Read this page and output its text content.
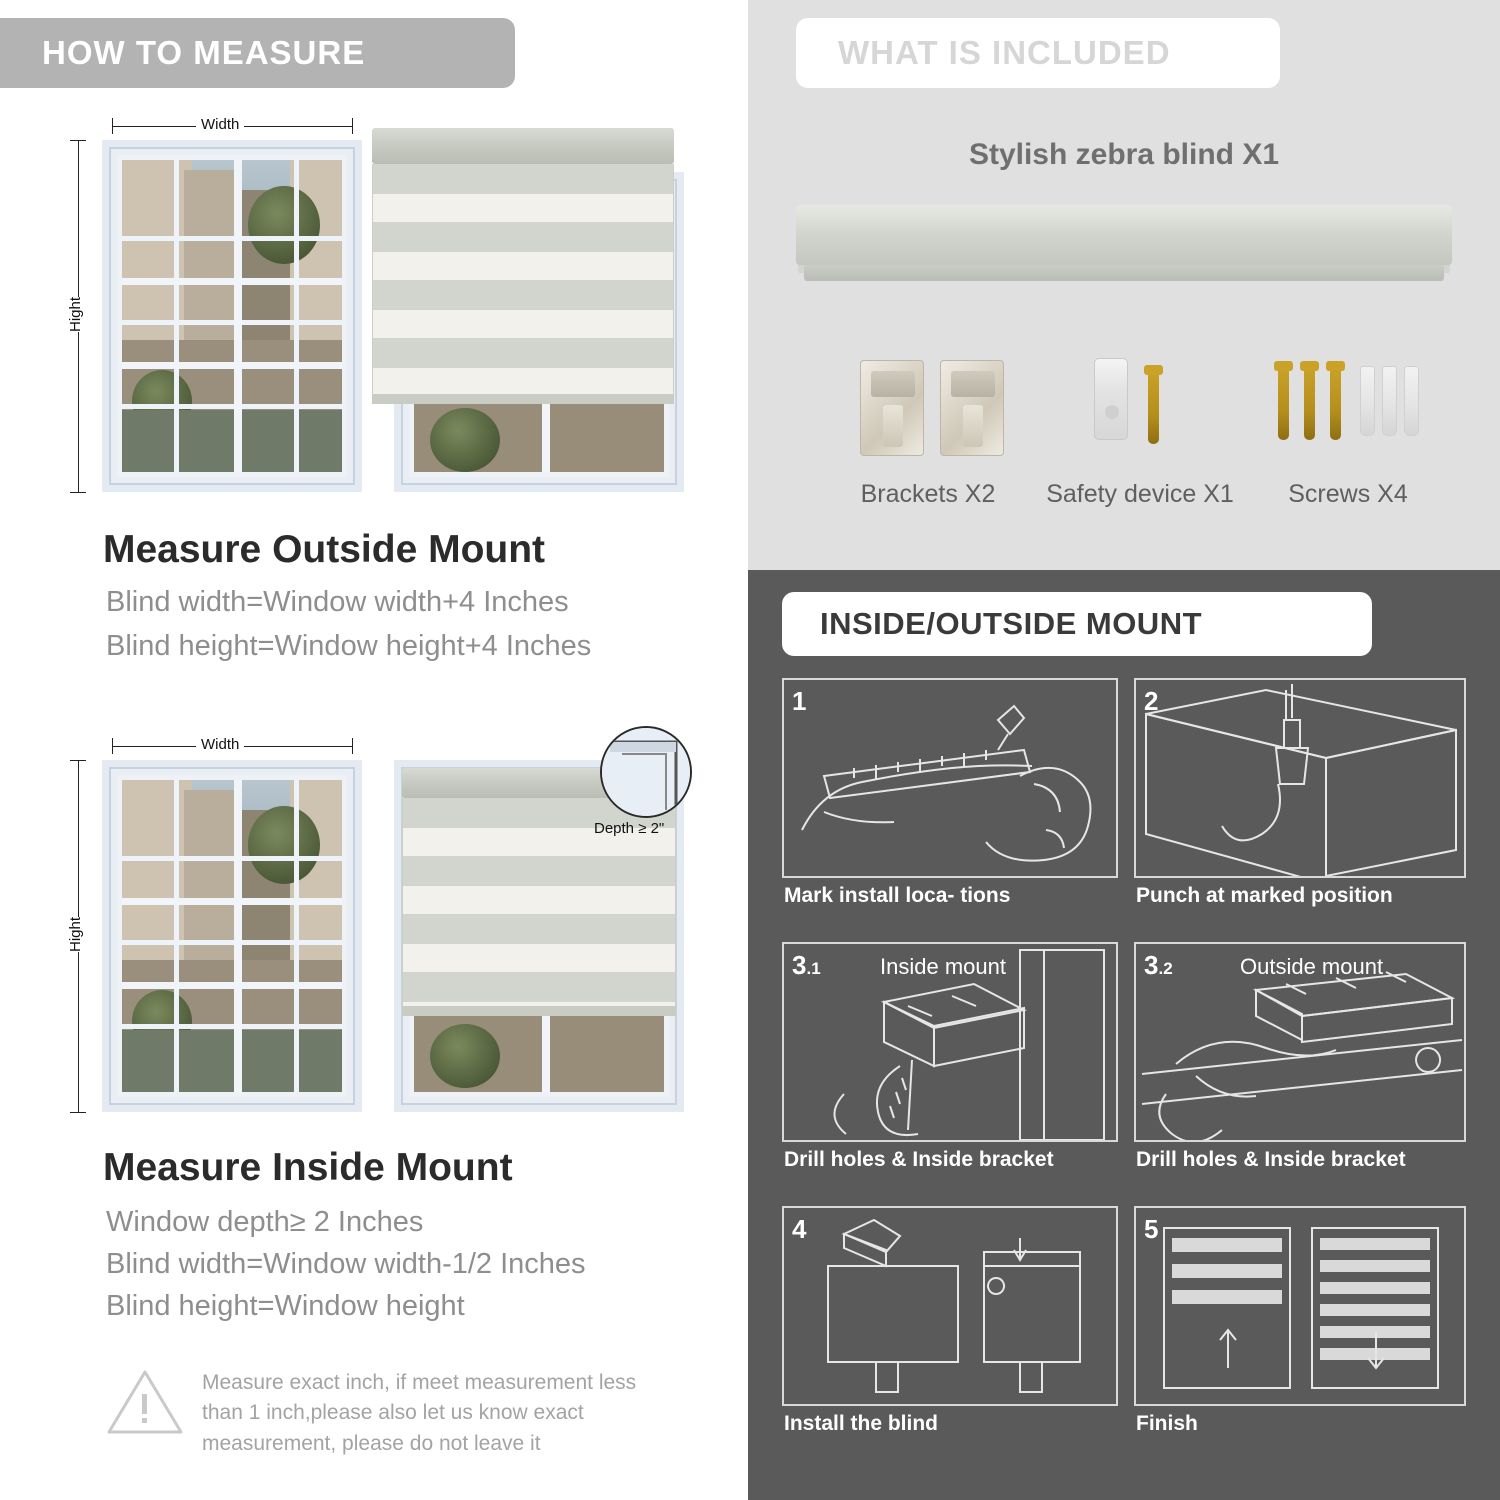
HOW TO MEASURE
Width
Hight
Measure Outside Mount
Blind width=Window width+4 Inches
Blind height=Window height+4 Inches
Width
Hight
Depth ≥ 2"
Measure Inside Mount
Window depth≥ 2 Inches
Blind width=Window width-1/2 Inches
Blind height=Window height
Measure exact inch, if meet measurement less than 1 inch,please also let us know exact measurement, please do not leave it
WHAT IS INCLUDED
Stylish zebra blind X1
Brackets X2	Safety device X1	Screws X4
INSIDE/OUTSIDE MOUNT
1
Mark install loca- tions
2
Punch at marked position
3.1	Inside mount
Drill holes & Inside bracket
3.2	Outside mount
Drill holes & Inside bracket
4
Install the blind
5
Finish
